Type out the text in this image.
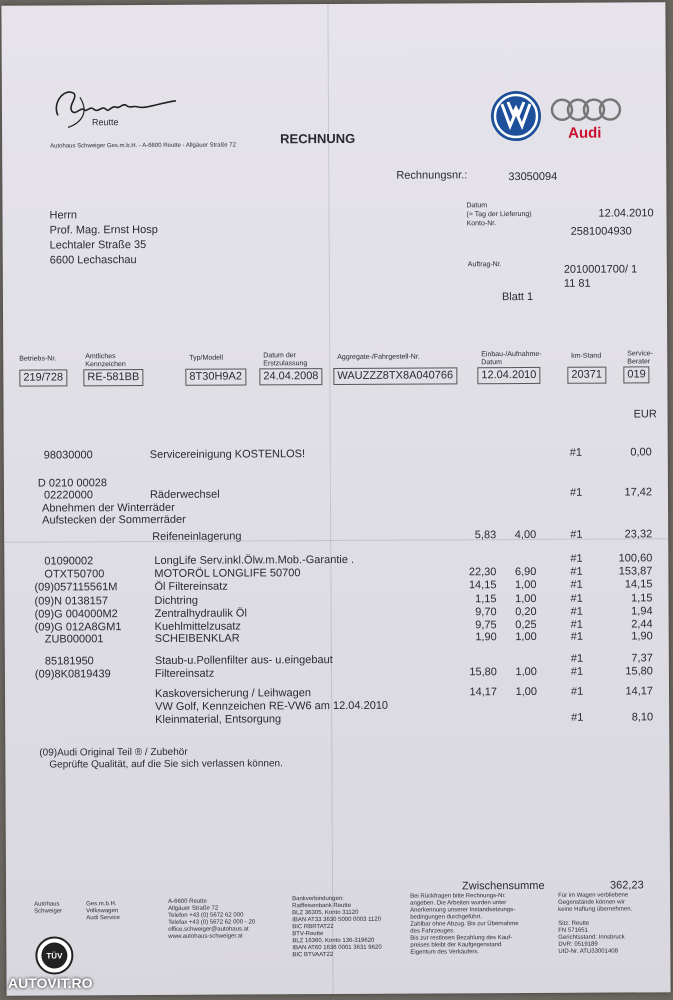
Reutte
Autohaus Schweiger Ges.m.b.H. - A-6600 Reutte - Allgäuer Straße 72	RECHNUNG	Audi
Rechnungsnr.:	33050094
Herrn
Prof. Mag. Ernst Hosp
Lechtaler Straße 35
6600 Lechaschau
Datum
(= Tag der Lieferung)
Konto-Nr.
12.04.2010
2581004930
Auftrag-Nr.	2010001700/ 1
11 81
Blatt 1
Betriebs-Nr.	Amtliches Kennzeichen
Typ/Modell	Datum der Erstzulassung
Aggregate-/Fahrgestell-Nr.	Einbau-/Aufnahme-Datum
km-Stand	Service-Berater
219/728	RE-581BB	8T30H9A2	24.04.2008	WAUZZZ8TX8A040766	12.04.2010	20371	019
EUR
98030000	Servicereinigung KOSTENLOS!	#1	0,00
D 0210 00028
02220000	Räderwechsel	#1	17,42
Abnehmen der Winterräder
Aufstecken der Sommerräder
Reifeneinlagerung	5,83	4,00	#1	23,32
01090002	LongLife Serv.inkl.Ölw.m.Mob.-Garantie .	#1	100,60
OTXT50700	MOTORÖL LONGLIFE 50700	22,30	6,90	#1	153,87
(09)057115561M	Öl Filtereinsatz	14,15	1,00	#1	14,15
(09)N 0138157	Dichtring	1,15	1,00	#1	1,15
(09)G 004000M2	Zentralhydraulik Öl	9,70	0,20	#1	1,94
(09)G 012A8GM1	Kuehlmittelzusatz	9,75	0,25	#1	2,44
ZUB000001	SCHEIBENKLAR	1,90	1,00	#1	1,90
85181950	Staub-u.Pollenfilter aus- u.eingebaut	#1	7,37
(09)8K0819439	Filtereinsatz	15,80	1,00	#1	15,80
Kaskoversicherung / Leihwagen	14,17	1,00	#1	14,17
VW Golf, Kennzeichen RE-VW6 am 12.04.2010
Kleinmaterial, Entsorgung	#1	8,10
(09)Audi Original Teil ® / Zubehör
Geprüfte Qualität, auf die Sie sich verlassen können.
Zwischensumme	362,23
Autohaus
Schweiger
Ges.m.b.H.
Volkswagen
Audi Service
A-6600 Reutte
Allgäuer Straße 72
Telefon +43 (0) 5672 62 000
Telefax +43 (0) 5672 62 000 - 20
office.schweiger@autohaus.at
www.autohaus-schweiger.at
Bankverbindungen:
Raiffeisenbank Reutte
BLZ 36305, Konto 31120
IBAN AT33 3630 5000 0003 1120
BIC RBRTAT22
BTV-Reutte
BLZ 16360, Konto 136-319620
IBAN AT60 1636 0001 3631 9620
BIC BTVAAT22
Bei Rückfragen bitte Rechnungs-Nr.
angeben. Die Arbeiten wurden unter
Anerkennung unserer Instandsetzungs-
bedingungen durchgeführt.
Zahlbar ohne Abzug. Bis zur Übernahme
des Fahrzeuges.
Bis zur restlosen Bezahlung des Kauf-
preises bleibt der Kaufgegenstand
Eigentum des Verkäufers.
Für im Wagen verbliebene
Gegenstände können wir
keine Haftung übernehmen.

Sitz: Reutte
FN 571651
Gerichtsstand: Innsbruck
DVR: 0519189
UID-Nr. ATU33001408
TÜV
AUTOVIT.RO
